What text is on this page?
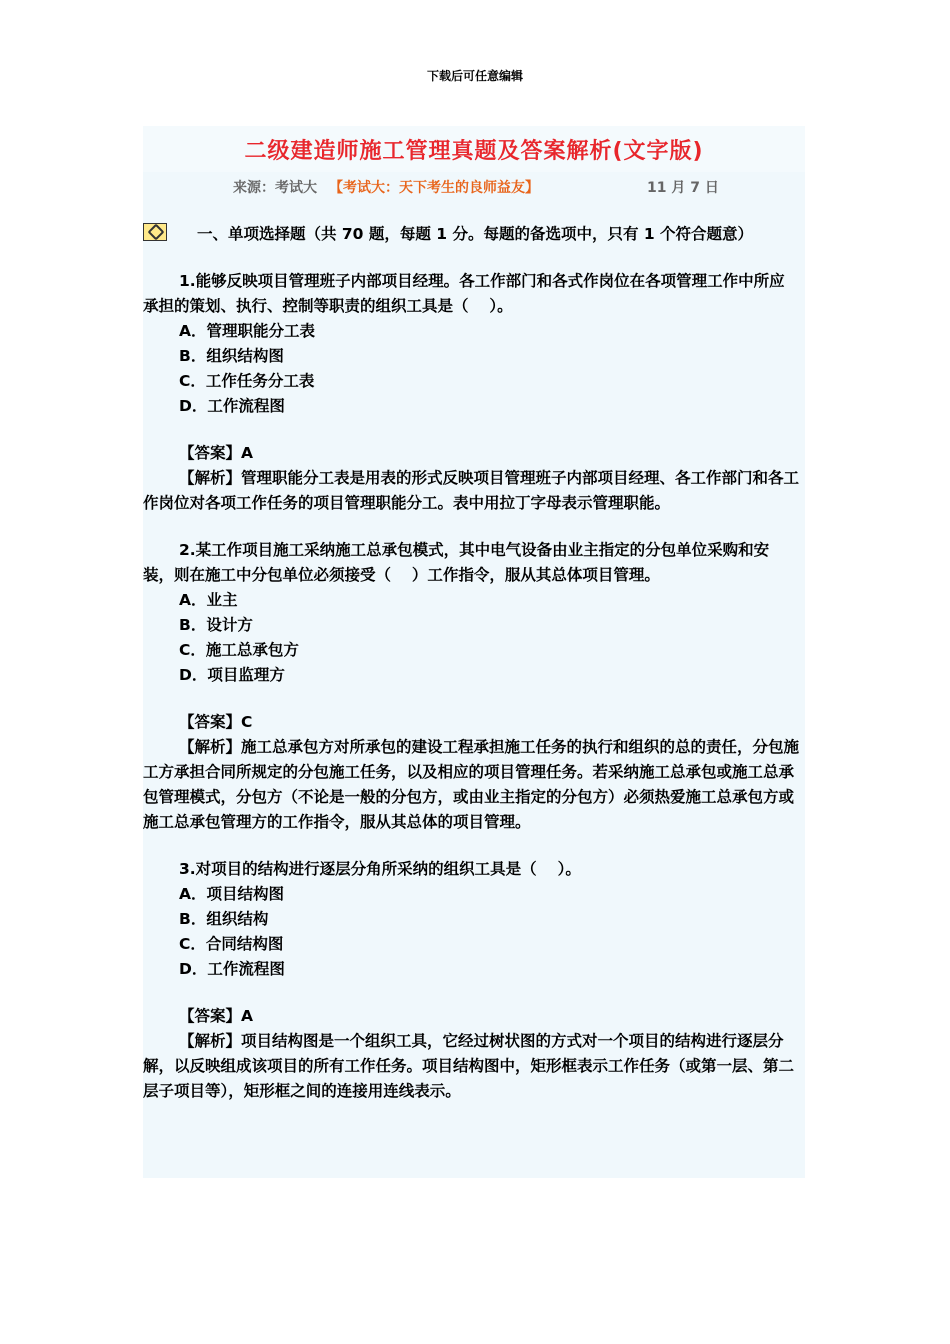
下载后可任意编辑
二级建造师施工管理真题及答案解析(文字版)
来源：考试大 【考试大：天下考生的良师益友】	11 月 7 日

一、单项选择题（共 70 题，每题 1 分。每题的备选项中，只有 1 个符合题意）

1.能够反映项目管理班子内部项目经理。各工作部门和各式作岗位在各项管理工作中所应承担的策划、执行、控制等职责的组织工具是（　 ）。

A．管理职能分工表

B．组织结构图

C．工作任务分工表

D．工作流程图

【答案】A

【解析】管理职能分工表是用表的形式反映项目管理班子内部项目经理、各工作部门和各工作岗位对各项工作任务的项目管理职能分工。表中用拉丁字母表示管理职能。

2.某工作项目施工采纳施工总承包模式，其中电气设备由业主指定的分包单位采购和安装，则在施工中分包单位必须接受（　 ）工作指令，服从其总体项目管理。

A．业主

B．设计方

C．施工总承包方

D．项目监理方

【答案】C

【解析】施工总承包方对所承包的建设工程承担施工任务的执行和组织的总的责任，分包施工方承担合同所规定的分包施工任务，以及相应的项目管理任务。若采纳施工总承包或施工总承包管理模式，分包方（不论是一般的分包方，或由业主指定的分包方）必须热爱施工总承包方或施工总承包管理方的工作指令，服从其总体的项目管理。

3.对项目的结构进行逐层分角所采纳的组织工具是（　 ）。

A．项目结构图

B．组织结构

C．合同结构图

D．工作流程图

【答案】A

【解析】项目结构图是一个组织工具，它经过树状图的方式对一个项目的结构进行逐层分解，以反映组成该项目的所有工作任务。项目结构图中，矩形框表示工作任务（或第一层、第二层子项目等），矩形框之间的连接用连线表示。
